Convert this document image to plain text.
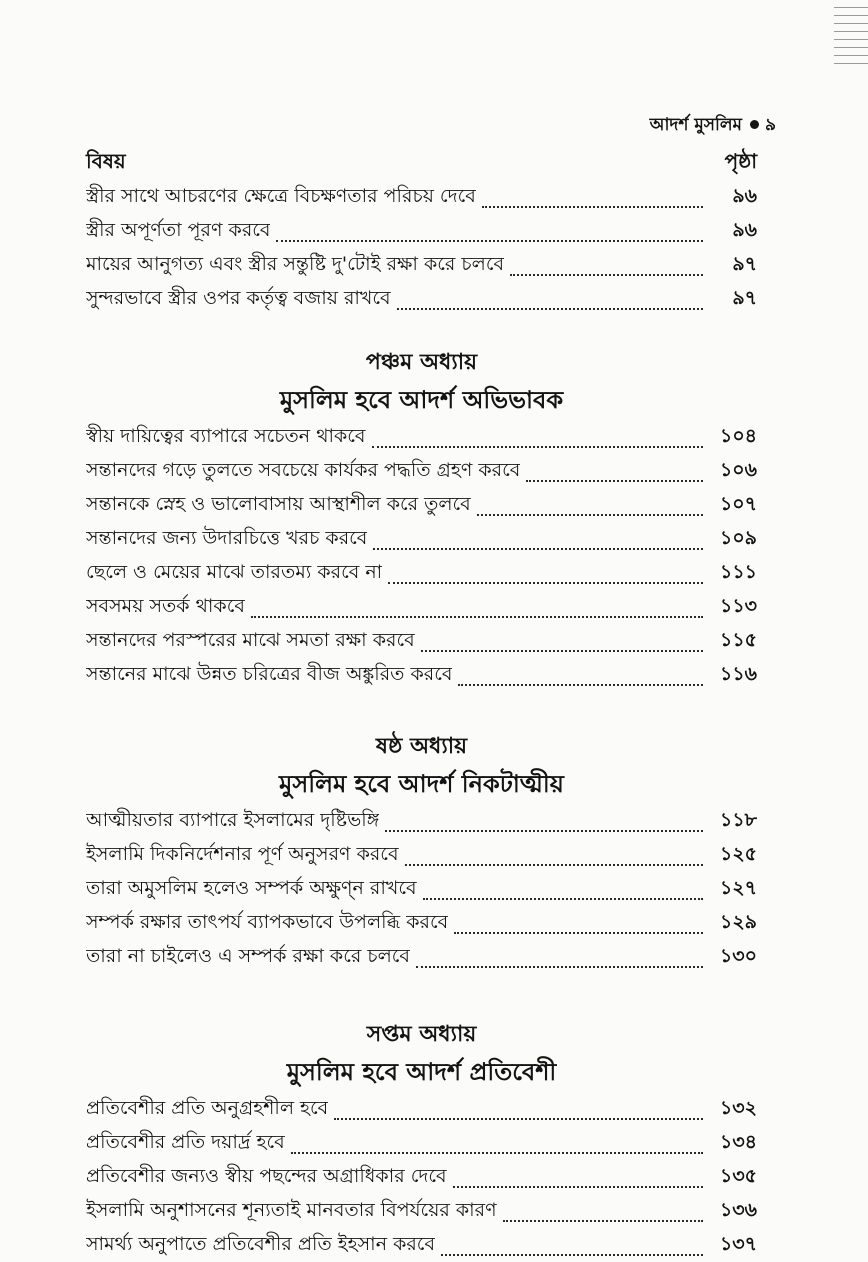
আদর্শ মুসলিম ৯
বিষয়	পৃষ্ঠা
স্ত্রীর সাথে আচরণের ক্ষেত্রে বিচক্ষণতার পরিচয় দেবে	৯৬
স্ত্রীর অপূর্ণতা পূরণ করবে	৯৬
মায়ের আনুগত্য এবং স্ত্রীর সন্তুষ্টি দু'টোই রক্ষা করে চলবে	৯৭
সুন্দরভাবে স্ত্রীর ওপর কর্তৃত্ব বজায় রাখবে	৯৭
পঞ্চম অধ্যায়
মুসলিম হবে আদর্শ অভিভাবক
স্বীয় দায়িত্বের ব্যাপারে সচেতন থাকবে	১০৪
সন্তানদের গড়ে তুলতে সবচেয়ে কার্যকর পদ্ধতি গ্রহণ করবে	১০৬
সন্তানকে স্নেহ ও ভালোবাসায় আস্থাশীল করে তুলবে	১০৭
সন্তানদের জন্য উদারচিত্তে খরচ করবে	১০৯
ছেলে ও মেয়ের মাঝে তারতম্য করবে না	১১১
সবসময় সতর্ক থাকবে	১১৩
সন্তানদের পরস্পরের মাঝে সমতা রক্ষা করবে	১১৫
সন্তানের মাঝে উন্নত চরিত্রের বীজ অঙ্কুরিত করবে	১১৬
ষষ্ঠ অধ্যায়
মুসলিম হবে আদর্শ নিকটাত্মীয়
আত্মীয়তার ব্যাপারে ইসলামের দৃষ্টিভঙ্গি	১১৮
ইসলামি দিকনির্দেশনার পূর্ণ অনুসরণ করবে	১২৫
তারা অমুসলিম হলেও সম্পর্ক অক্ষুণ্ন রাখবে	১২৭
সম্পর্ক রক্ষার তাৎপর্য ব্যাপকভাবে উপলব্ধি করবে	১২৯
তারা না চাইলেও এ সম্পর্ক রক্ষা করে চলবে	১৩০
সপ্তম অধ্যায়
মুসলিম হবে আদর্শ প্রতিবেশী
প্রতিবেশীর প্রতি অনুগ্রহশীল হবে	১৩২
প্রতিবেশীর প্রতি দয়ার্দ্র হবে	১৩৪
প্রতিবেশীর জন্যও স্বীয় পছন্দের অগ্রাধিকার দেবে	১৩৫
ইসলামি অনুশাসনের শূন্যতাই মানবতার বিপর্যয়ের কারণ	১৩৬
সামর্থ্য অনুপাতে প্রতিবেশীর প্রতি ইহসান করবে	১৩৭
